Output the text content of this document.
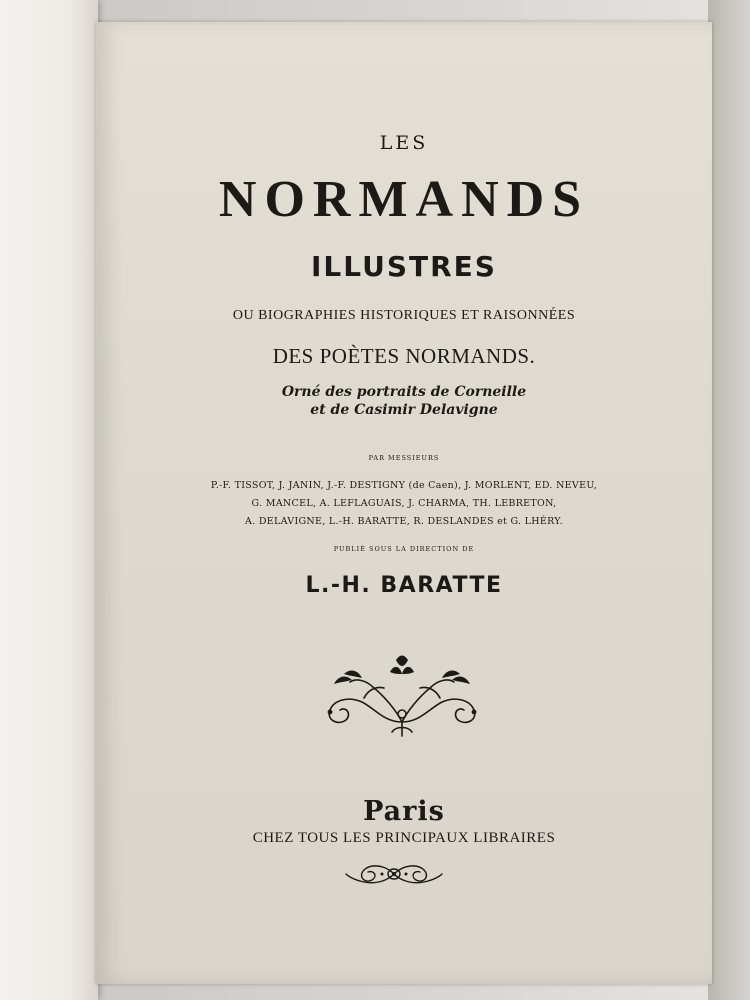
LES
NORMANDS
ILLUSTRES
OU BIOGRAPHIES HISTORIQUES ET RAISONNÉES
DES POÈTES NORMANDS.
Orné des portraits de Corneille
et de Casimir Delavigne
PAR MESSIEURS
P.-F. TISSOT, J. JANIN, J.-F. DESTIGNY (de Caen), J. MORLENT, ED. NEVEU,
G. MANCEL, A. LEFLAGUAIS, J. CHARMA, TH. LEBRETON,
A. DELAVIGNE, L.-H. BARATTE, R. DESLANDES et G. LHÉRY.
PUBLIÉ SOUS LA DIRECTION DE
L.-H. BARATTE
Paris
CHEZ TOUS LES PRINCIPAUX LIBRAIRES
